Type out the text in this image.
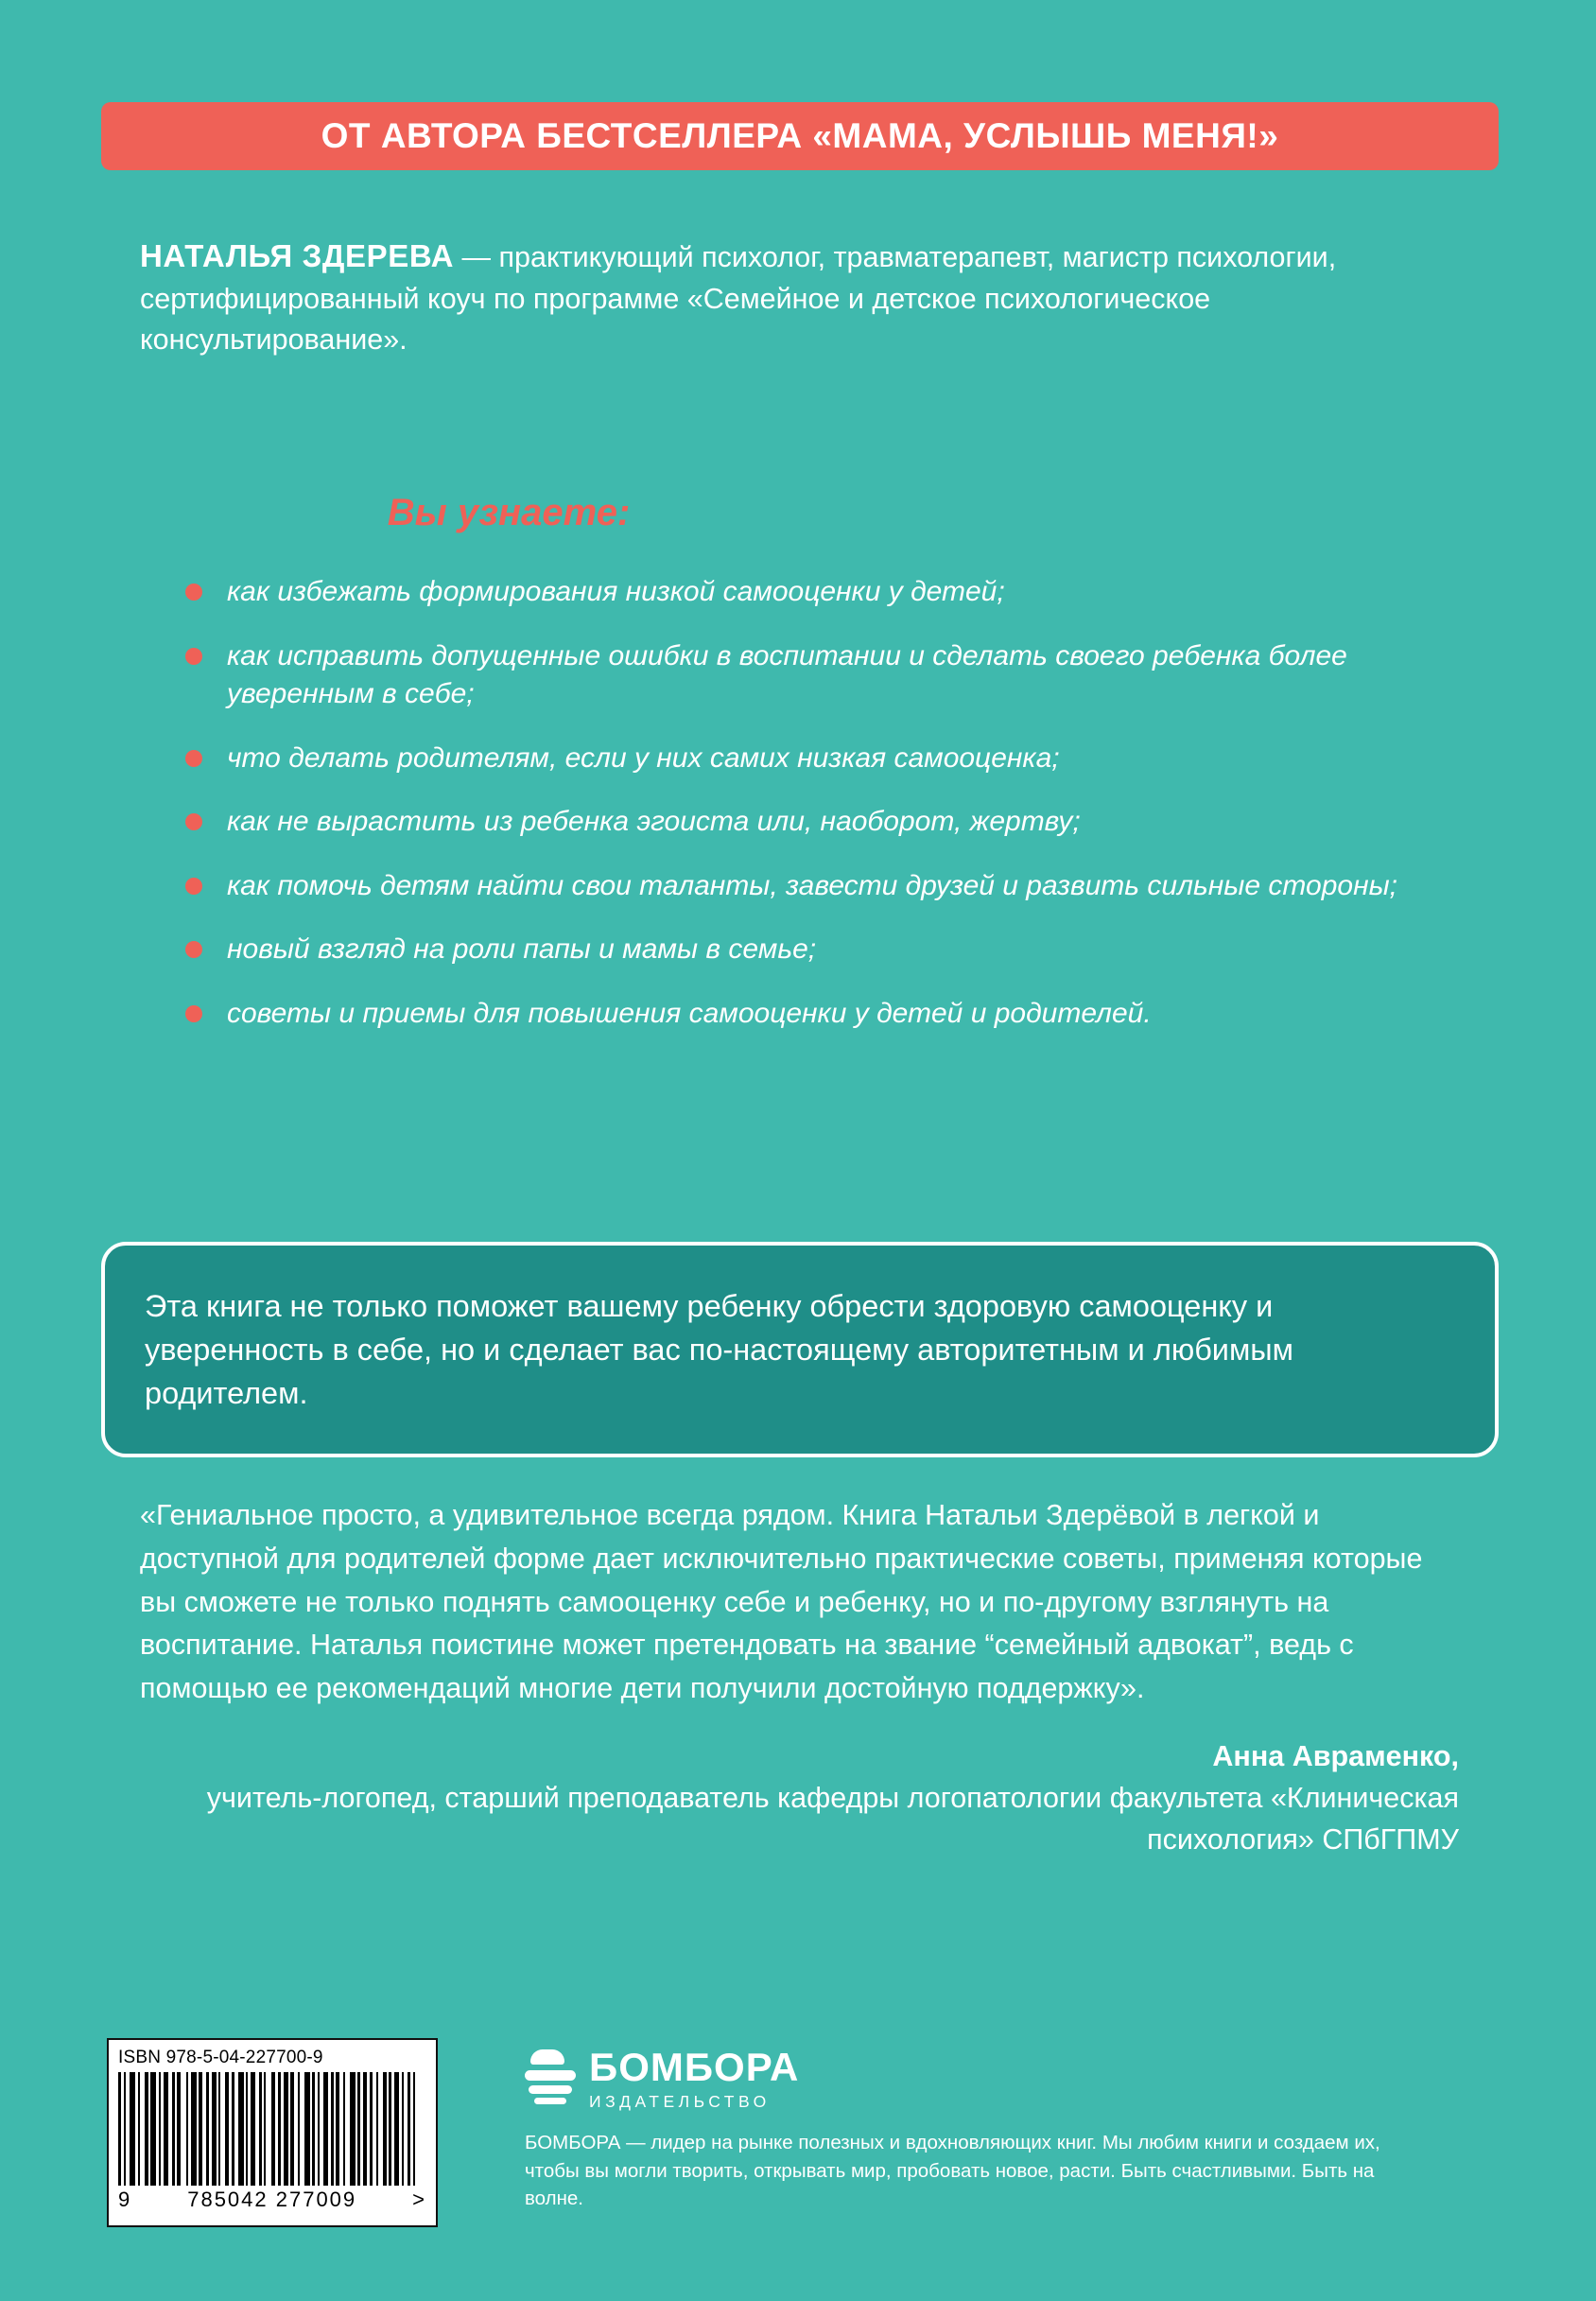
ОТ АВТОРА БЕСТСЕЛЛЕРА «МАМА, УСЛЫШЬ МЕНЯ!»
НАТАЛЬЯ ЗДЕРЕВА — практикующий психолог, травматерапевт, магистр психологии, сертифицированный коуч по программе «Семейное и детское психологическое консультирование».
Вы узнаете:
как избежать формирования низкой самооценки у детей;
как исправить допущенные ошибки в воспитании и сделать своего ребенка более уверенным в себе;
что делать родителям, если у них самих низкая самооценка;
как не вырастить из ребенка эгоиста или, наоборот, жертву;
как помочь детям найти свои таланты, завести друзей и развить сильные стороны;
новый взгляд на роли папы и мамы в семье;
советы и приемы для повышения самооценки у детей и родителей.
Эта книга не только поможет вашему ребенку обрести здоровую самооценку и уверенность в себе, но и сделает вас по-настоящему авторитетным и любимым родителем.
«Гениальное просто, а удивительное всегда рядом. Книга Натальи Здерёвой в легкой и доступной для родителей форме дает исключительно практические советы, применяя которые вы сможете не только поднять самооценку себе и ребенку, но и по-другому взглянуть на воспитание. Наталья поистине может претендовать на звание “семейный адвокат”, ведь с помощью ее рекомендаций многие дети получили достойную поддержку».
Анна Авраменко,
учитель-логопед, старший преподаватель кафедры логопатологии факультета «Клиническая психология» СПбГПМУ
ISBN 978-5-04-227700-9
9	785042 277009	>
БОМБОРА
ИЗДАТЕЛЬСТВО
БОМБОРА — лидер на рынке полезных и вдохновляющих книг. Мы любим книги и создаем их, чтобы вы могли творить, открывать мир, пробовать новое, расти. Быть счастливыми. Быть на волне.
